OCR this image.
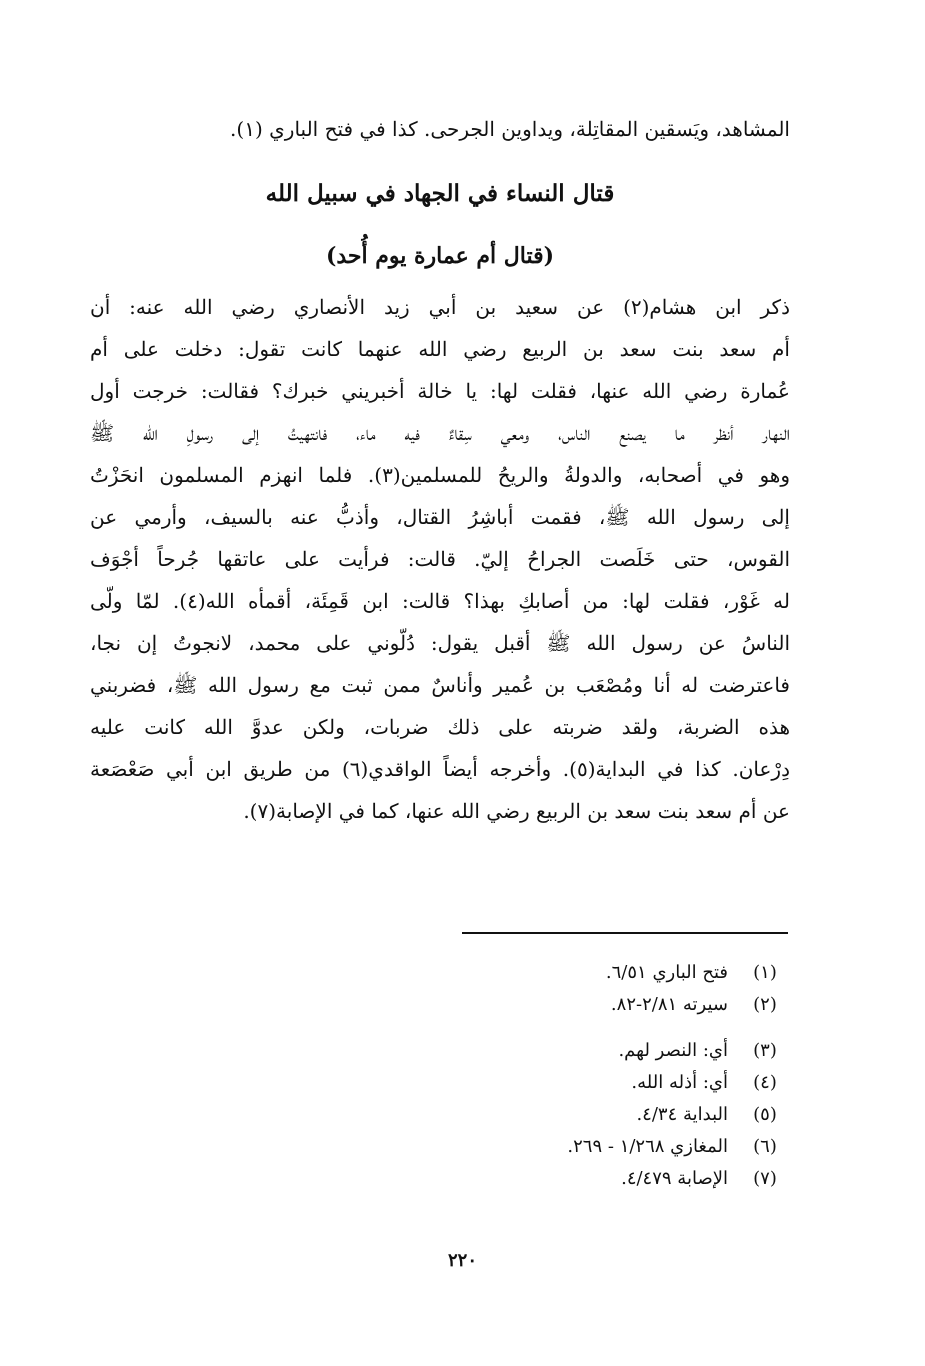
المشاهد، ويَسقين المقاتِلة، ويداوين الجرحى. كذا في فتح الباري (١).
قتال النساء في الجهاد في سبيل الله
(قتال أم عمارة يوم أُحد)
ذكر ابن هشام(٢) عن سعيد بن أبي زيد الأنصاري رضي الله عنه: أن
أم سعد بنت سعد بن الربيع رضي الله عنهما كانت تقول: دخلت على أم
عُمارة رضي الله عنها، فقلت لها: يا خالة أخبريني خبرك؟ فقالت: خرجت أول
النهار أنظر ما يصنع الناس، ومعي سِقاءٌ فيه ماء، فانتهيتُ إلى رسولِ الله ﷺ
وهو في أصحابه، والدولةُ والريحُ للمسلمين(٣). فلما انهزم المسلمون انحَزْتُ
إلى رسول الله ﷺ، فقمت أباشِرُ القتال، وأذبُّ عنه بالسيف، وأرمي عن
القوس، حتى خَلَصت الجراحُ إليّ. قالت: فرأيت على عاتقها جُرحاً أجْوَف
له غَوْر، فقلت لها: من أصابكِ بهذا؟ قالت: ابن قَمِئَة، أقمأه الله(٤). لمّا ولّى
الناسُ عن رسول الله ﷺ أقبل يقول: دُلّوني على محمد، لانجوتُ إن نجا،
فاعترضت له أنا ومُصْعَب بن عُمير وأناسٌ ممن ثبت مع رسول الله ﷺ، فضربني
هذه الضربة، ولقد ضربته على ذلك ضربات، ولكن عدوَّ الله كانت عليه
دِرْعان. كذا في البداية(٥). وأخرجه أيضاً الواقدي(٦) من طريق ابن أبي صَعْصَعة
عن أم سعد بنت سعد بن الربيع رضي الله عنها، كما في الإصابة(٧).
(١)
فتح الباري ٦/٥١.
(٢)
سيرته ٢/٨١-٨٢.
(٣)
أي: النصر لهم.
(٤)
أي: أذله الله.
(٥)
البداية ٤/٣٤.
(٦)
المغازي ١/٢٦٨ - ٢٦٩.
(٧)
الإصابة ٤/٤٧٩.
٢٢٠
